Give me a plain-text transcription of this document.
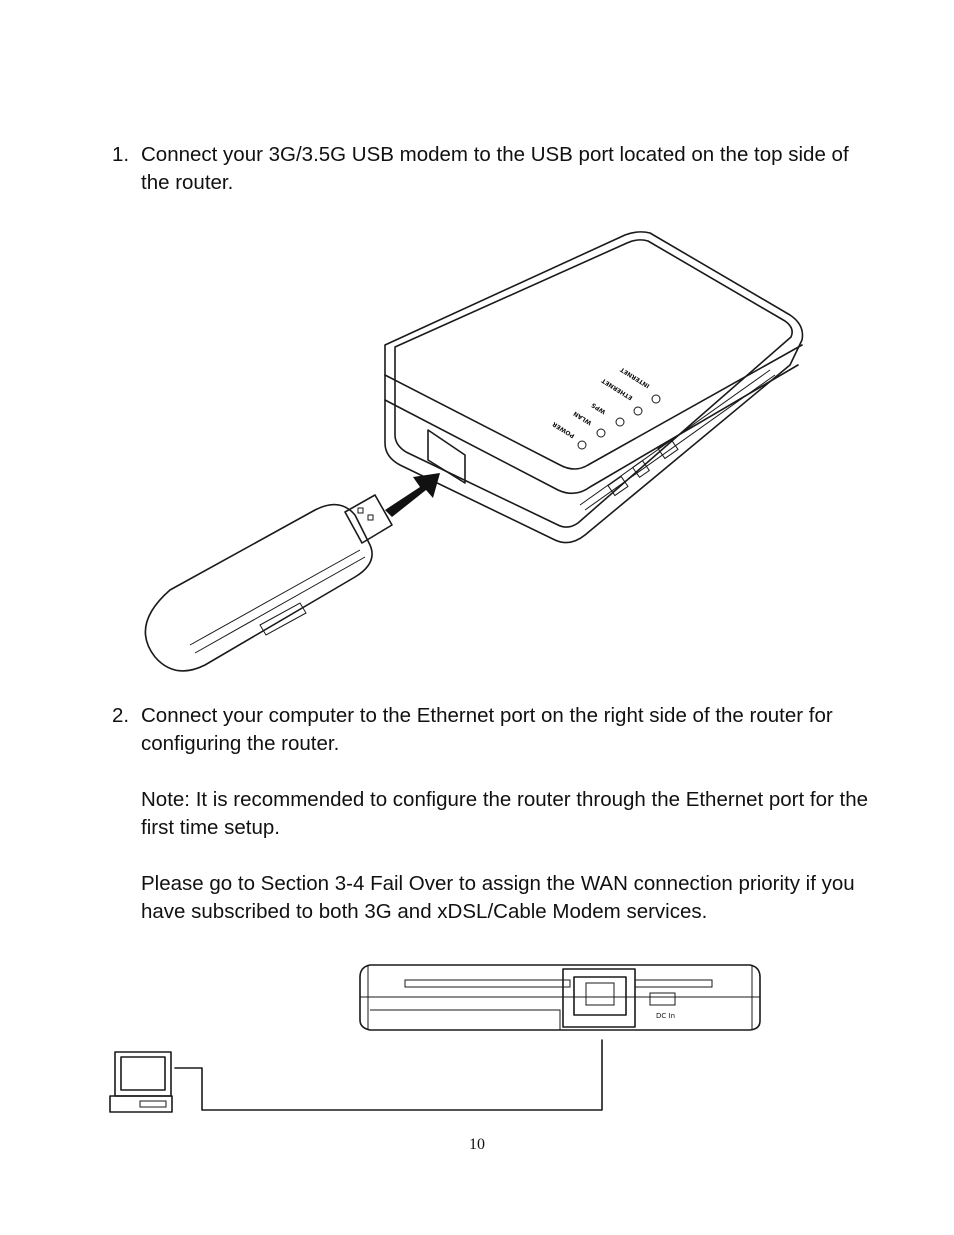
1. Connect your 3G/3.5G USB modem to the USB port located on the top side of the router.

INTERNET
ETHERNET
WPS
WLAN
POWER
2. Connect your computer to the Ethernet port on the right side of the router for configuring the router.

Note: It is recommended to configure the router through the Ethernet port for the first time setup.

Please go to Section 3-4 Fail Over to assign the WAN connection priority if you have subscribed to both 3G and xDSL/Cable Modem services.

DC In
10
